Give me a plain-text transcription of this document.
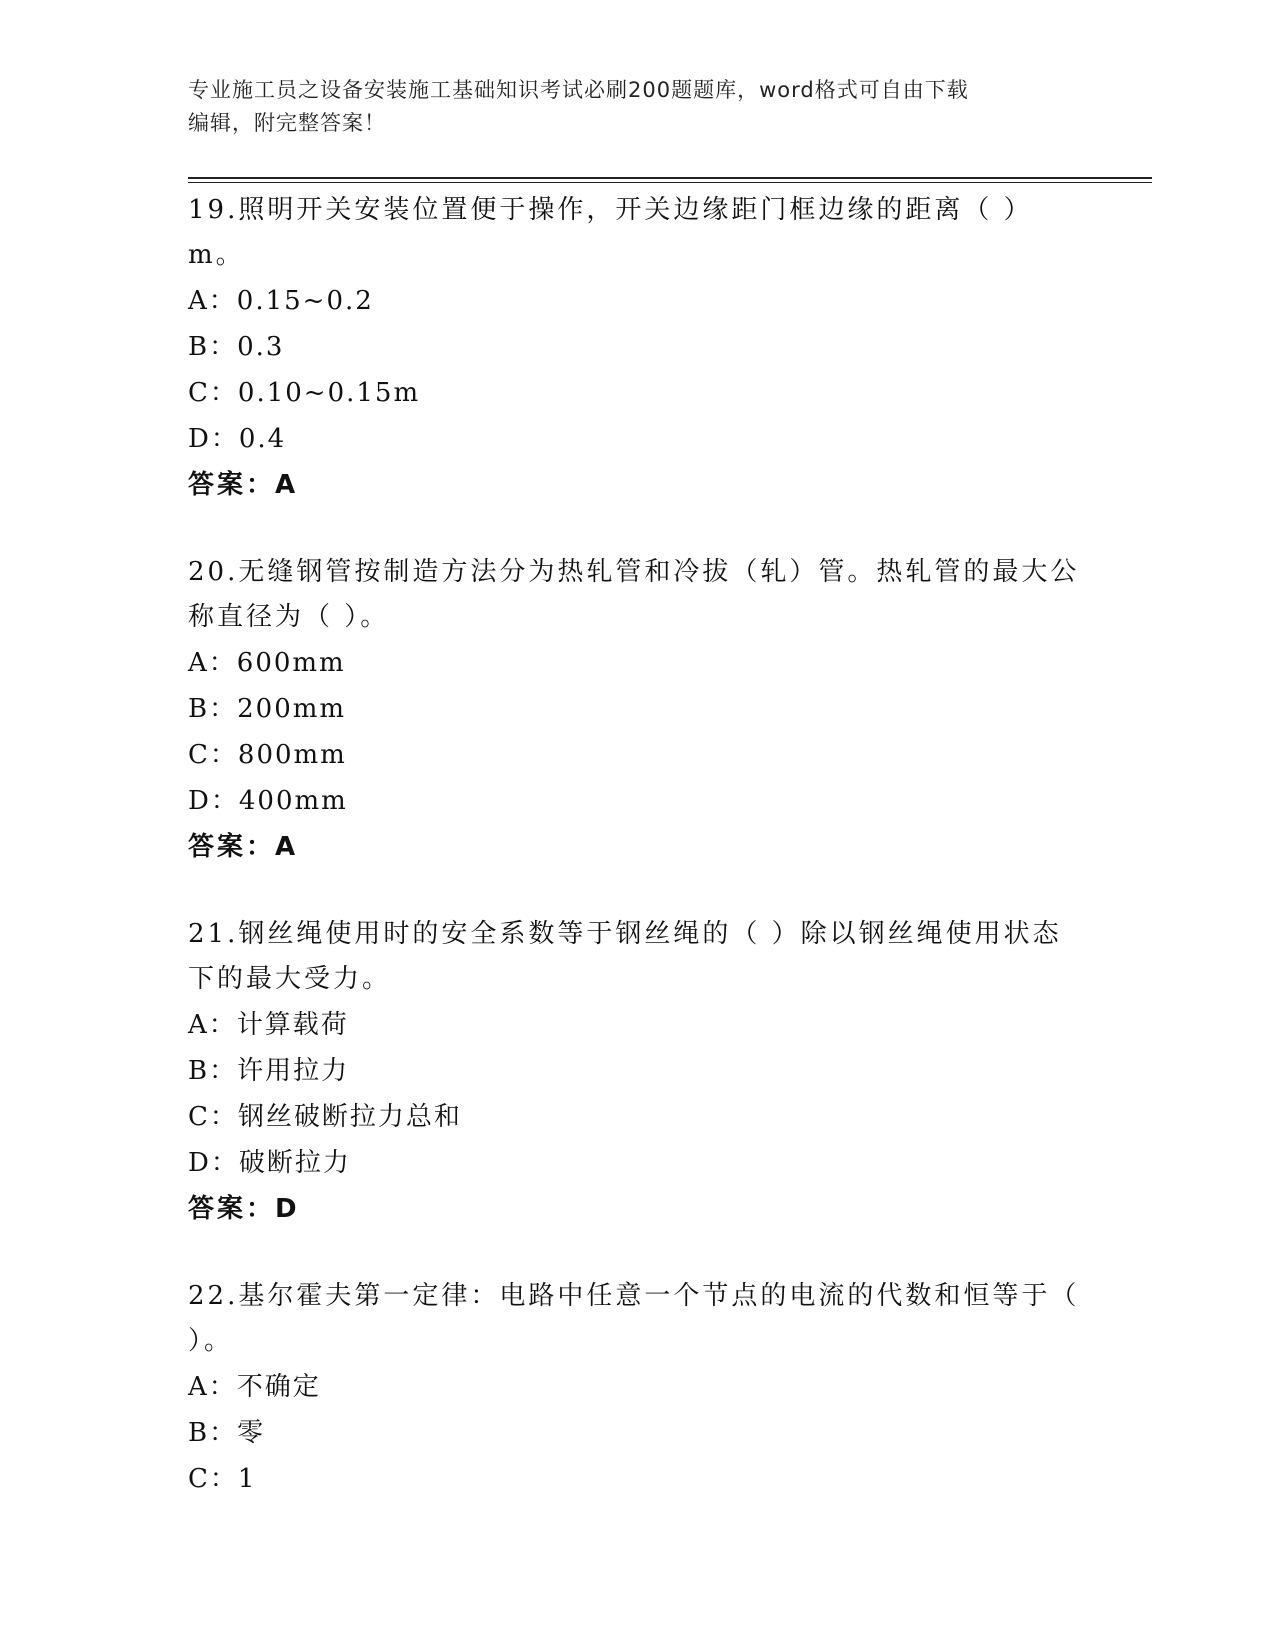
专业施工员之设备安装施工基础知识考试必刷200题题库，word格式可自由下载
编辑，附完整答案！

19.照明开关安装位置便于操作，开关边缘距门框边缘的距离（ ）m。

A：0.15~0.2

B：0.3

C：0.10~0.15m

D：0.4

答案：A

20.无缝钢管按制造方法分为热轧管和冷拔（轧）管。热轧管的最大公称直径为（ ）。

A：600mm

B：200mm

C：800mm

D：400mm

答案：A

21.钢丝绳使用时的安全系数等于钢丝绳的（ ）除以钢丝绳使用状态下的最大受力。

A：计算载荷

B：许用拉力

C：钢丝破断拉力总和

D：破断拉力

答案：D

22.基尔霍夫第一定律：电路中任意一个节点的电流的代数和恒等于（ ）。

A：不确定

B：零

C：1
